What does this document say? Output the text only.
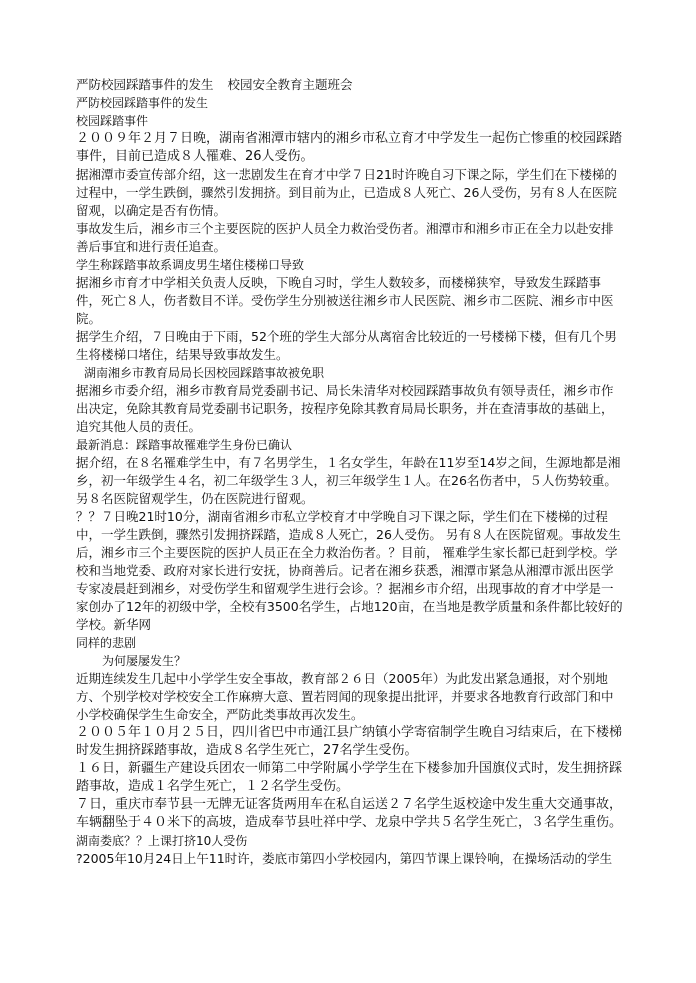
严防校园踩踏事件的发生 校园安全教育主题班会

严防校园踩踏事件的发生

校园踩踏事件

２００９年２月７日晚，湖南省湘潭市辖内的湘乡市私立育才中学发生一起伤亡惨重的校园踩踏事件，目前已造成８人罹难、26人受伤。

据湘潭市委宣传部介绍，这一悲剧发生在育才中学７日21时许晚自习下课之际，学生们在下楼梯的过程中，一学生跌倒，骤然引发拥挤。到目前为止，已造成８人死亡、26人受伤，另有８人在医院留观，以确定是否有伤情。

事故发生后，湘乡市三个主要医院的医护人员全力救治受伤者。湘潭市和湘乡市正在全力以赴安排善后事宜和进行责任追查。

学生称踩踏事故系调皮男生堵住楼梯口导致

据湘乡市育才中学相关负责人反映，下晚自习时，学生人数较多，而楼梯狭窄，导致发生踩踏事件，死亡８人，伤者数目不详。受伤学生分别被送往湘乡市人民医院、湘乡市二医院、湘乡市中医院。

据学生介绍，７日晚由于下雨，52个班的学生大部分从离宿舍比较近的一号楼梯下楼，但有几个男生将楼梯口堵住，结果导致事故发生。

湖南湘乡市教育局局长因校园踩踏事故被免职

据湘乡市委介绍，湘乡市教育局党委副书记、局长朱清华对校园踩踏事故负有领导责任，湘乡市作出决定，免除其教育局党委副书记职务，按程序免除其教育局局长职务，并在查清事故的基础上，追究其他人员的责任。

最新消息：踩踏事故罹难学生身份已确认

据介绍，在８名罹难学生中，有７名男学生，１名女学生，年龄在11岁至14岁之间，生源地都是湘乡，初一年级学生４名，初二年级学生３人，初三年级学生１人。在26名伤者中，５人伤势较重。另８名医院留观学生，仍在医院进行留观。

？？７日晚21时10分，湖南省湘乡市私立学校育才中学晚自习下课之际，学生们在下楼梯的过程中，一学生跌倒，骤然引发拥挤踩踏，造成８人死亡，26人受伤。 另有８人在医院留观。事故发生后，湘乡市三个主要医院的医护人员正在全力救治伤者。？目前， 罹难学生家长都已赶到学校。学校和当地党委、政府对家长进行安抚，协商善后。记者在湘乡获悉，湘潭市紧急从湘潭市派出医学专家凌晨赶到湘乡，对受伤学生和留观学生进行会诊。？据湘乡市介绍，出现事故的育才中学是一家创办了12年的初级中学，全校有3500名学生，占地120亩，在当地是教学质量和条件都比较好的学校。新华网

同样的悲剧

为何屡屡发生？

近期连续发生几起中小学学生安全事故，教育部２６日（2005年）为此发出紧急通报，对个别地方、个别学校对学校安全工作麻痹大意、置若罔闻的现象提出批评，并要求各地教育行政部门和中小学校确保学生生命安全，严防此类事故再次发生。

２００５年１０月２５日，四川省巴中市通江县广纳镇小学寄宿制学生晚自习结束后，在下楼梯时发生拥挤踩踏事故，造成８名学生死亡，27名学生受伤。

１６日，新疆生产建设兵团农一师第二中学附属小学学生在下楼参加升国旗仪式时，发生拥挤踩踏事故，造成１名学生死亡，１２名学生受伤。

７日，重庆市奉节县一无牌无证客货两用车在私自运送２７名学生返校途中发生重大交通事故，车辆翻坠于４０米下的高坡，造成奉节县吐祥中学、龙泉中学共５名学生死亡，３名学生重伤。

湖南娄底？？上课打挤10人受伤

?2005年10月24日上午11时许，娄底市第四小学校园内，第四节课上课铃响，在操场活动的学生
